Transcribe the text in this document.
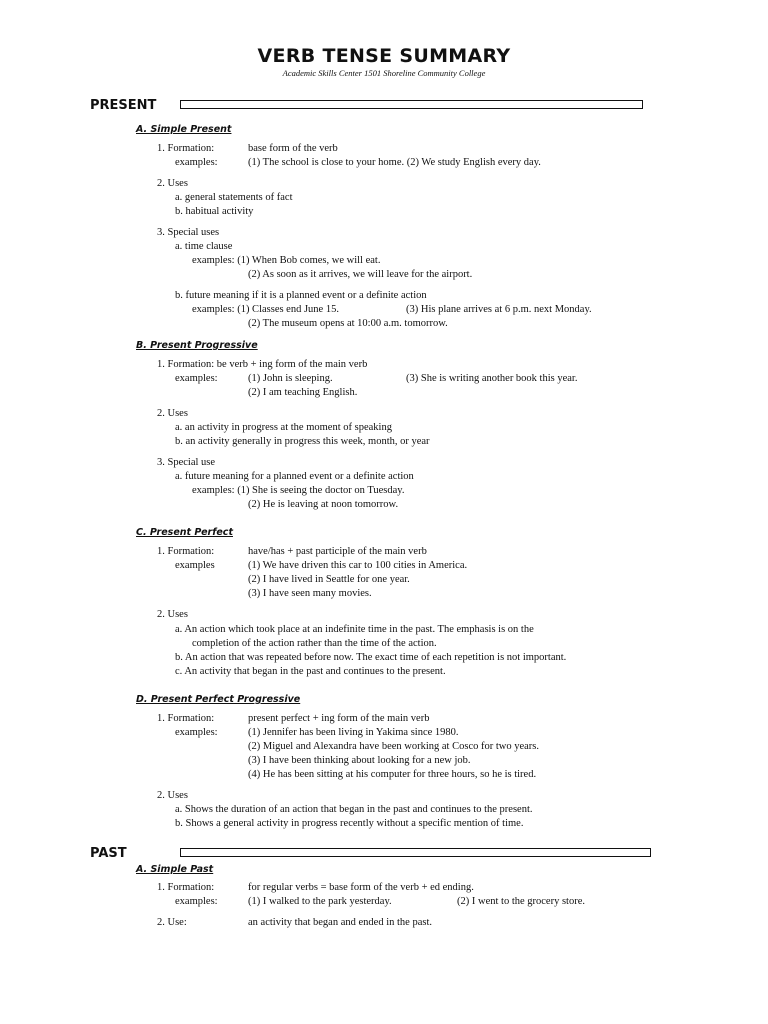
VERB TENSE SUMMARY
Academic Skills Center 1501 Shoreline Community College
PRESENT
A. Simple Present
1. Formation:	base form of the verb
examples:	(1) The school is close to your home. (2) We study English every day.
2. Uses
a. general statements of fact
b. habitual activity
3. Special uses
a. time clause
examples: (1) When Bob comes, we will eat.
(2) As soon as it arrives, we will leave for the airport.
b. future meaning if it is a planned event or a definite action
examples: (1) Classes end June 15.	(3) His plane arrives at 6 p.m. next Monday.
(2) The museum opens at 10:00 a.m. tomorrow.
B. Present Progressive
1. Formation: be verb + ing form of the main verb
examples:	(1) John is sleeping.	(3) She is writing another book this year.
(2) I am teaching English.
2. Uses
a. an activity in progress at the moment of speaking
b. an activity generally in progress this week, month, or year
3. Special use
a. future meaning for a planned event or a definite action
examples: (1) She is seeing the doctor on Tuesday.
(2) He is leaving at noon tomorrow.
C. Present Perfect
1. Formation:	have/has + past participle of the main verb
examples	(1) We have driven this car to 100 cities in America.
(2) I have lived in Seattle for one year.
(3) I have seen many movies.
2. Uses
a. An action which took place at an indefinite time in the past. The emphasis is on the
completion of the action rather than the time of the action.
b. An action that was repeated before now. The exact time of each repetition is not important.
c. An activity that began in the past and continues to the present.
D. Present Perfect Progressive
1. Formation:	present perfect + ing form of the main verb
examples:	(1) Jennifer has been living in Yakima since 1980.
(2) Miguel and Alexandra have been working at Cosco for two years.
(3) I have been thinking about looking for a new job.
(4) He has been sitting at his computer for three hours, so he is tired.
2. Uses
a. Shows the duration of an action that began in the past and continues to the present.
b. Shows a general activity in progress recently without a specific mention of time.
PAST
A. Simple Past
1. Formation:	for regular verbs = base form of the verb + ed ending.
examples:	(1) I walked to the park yesterday.	(2) I went to the grocery store.
2. Use:	an activity that began and ended in the past.
